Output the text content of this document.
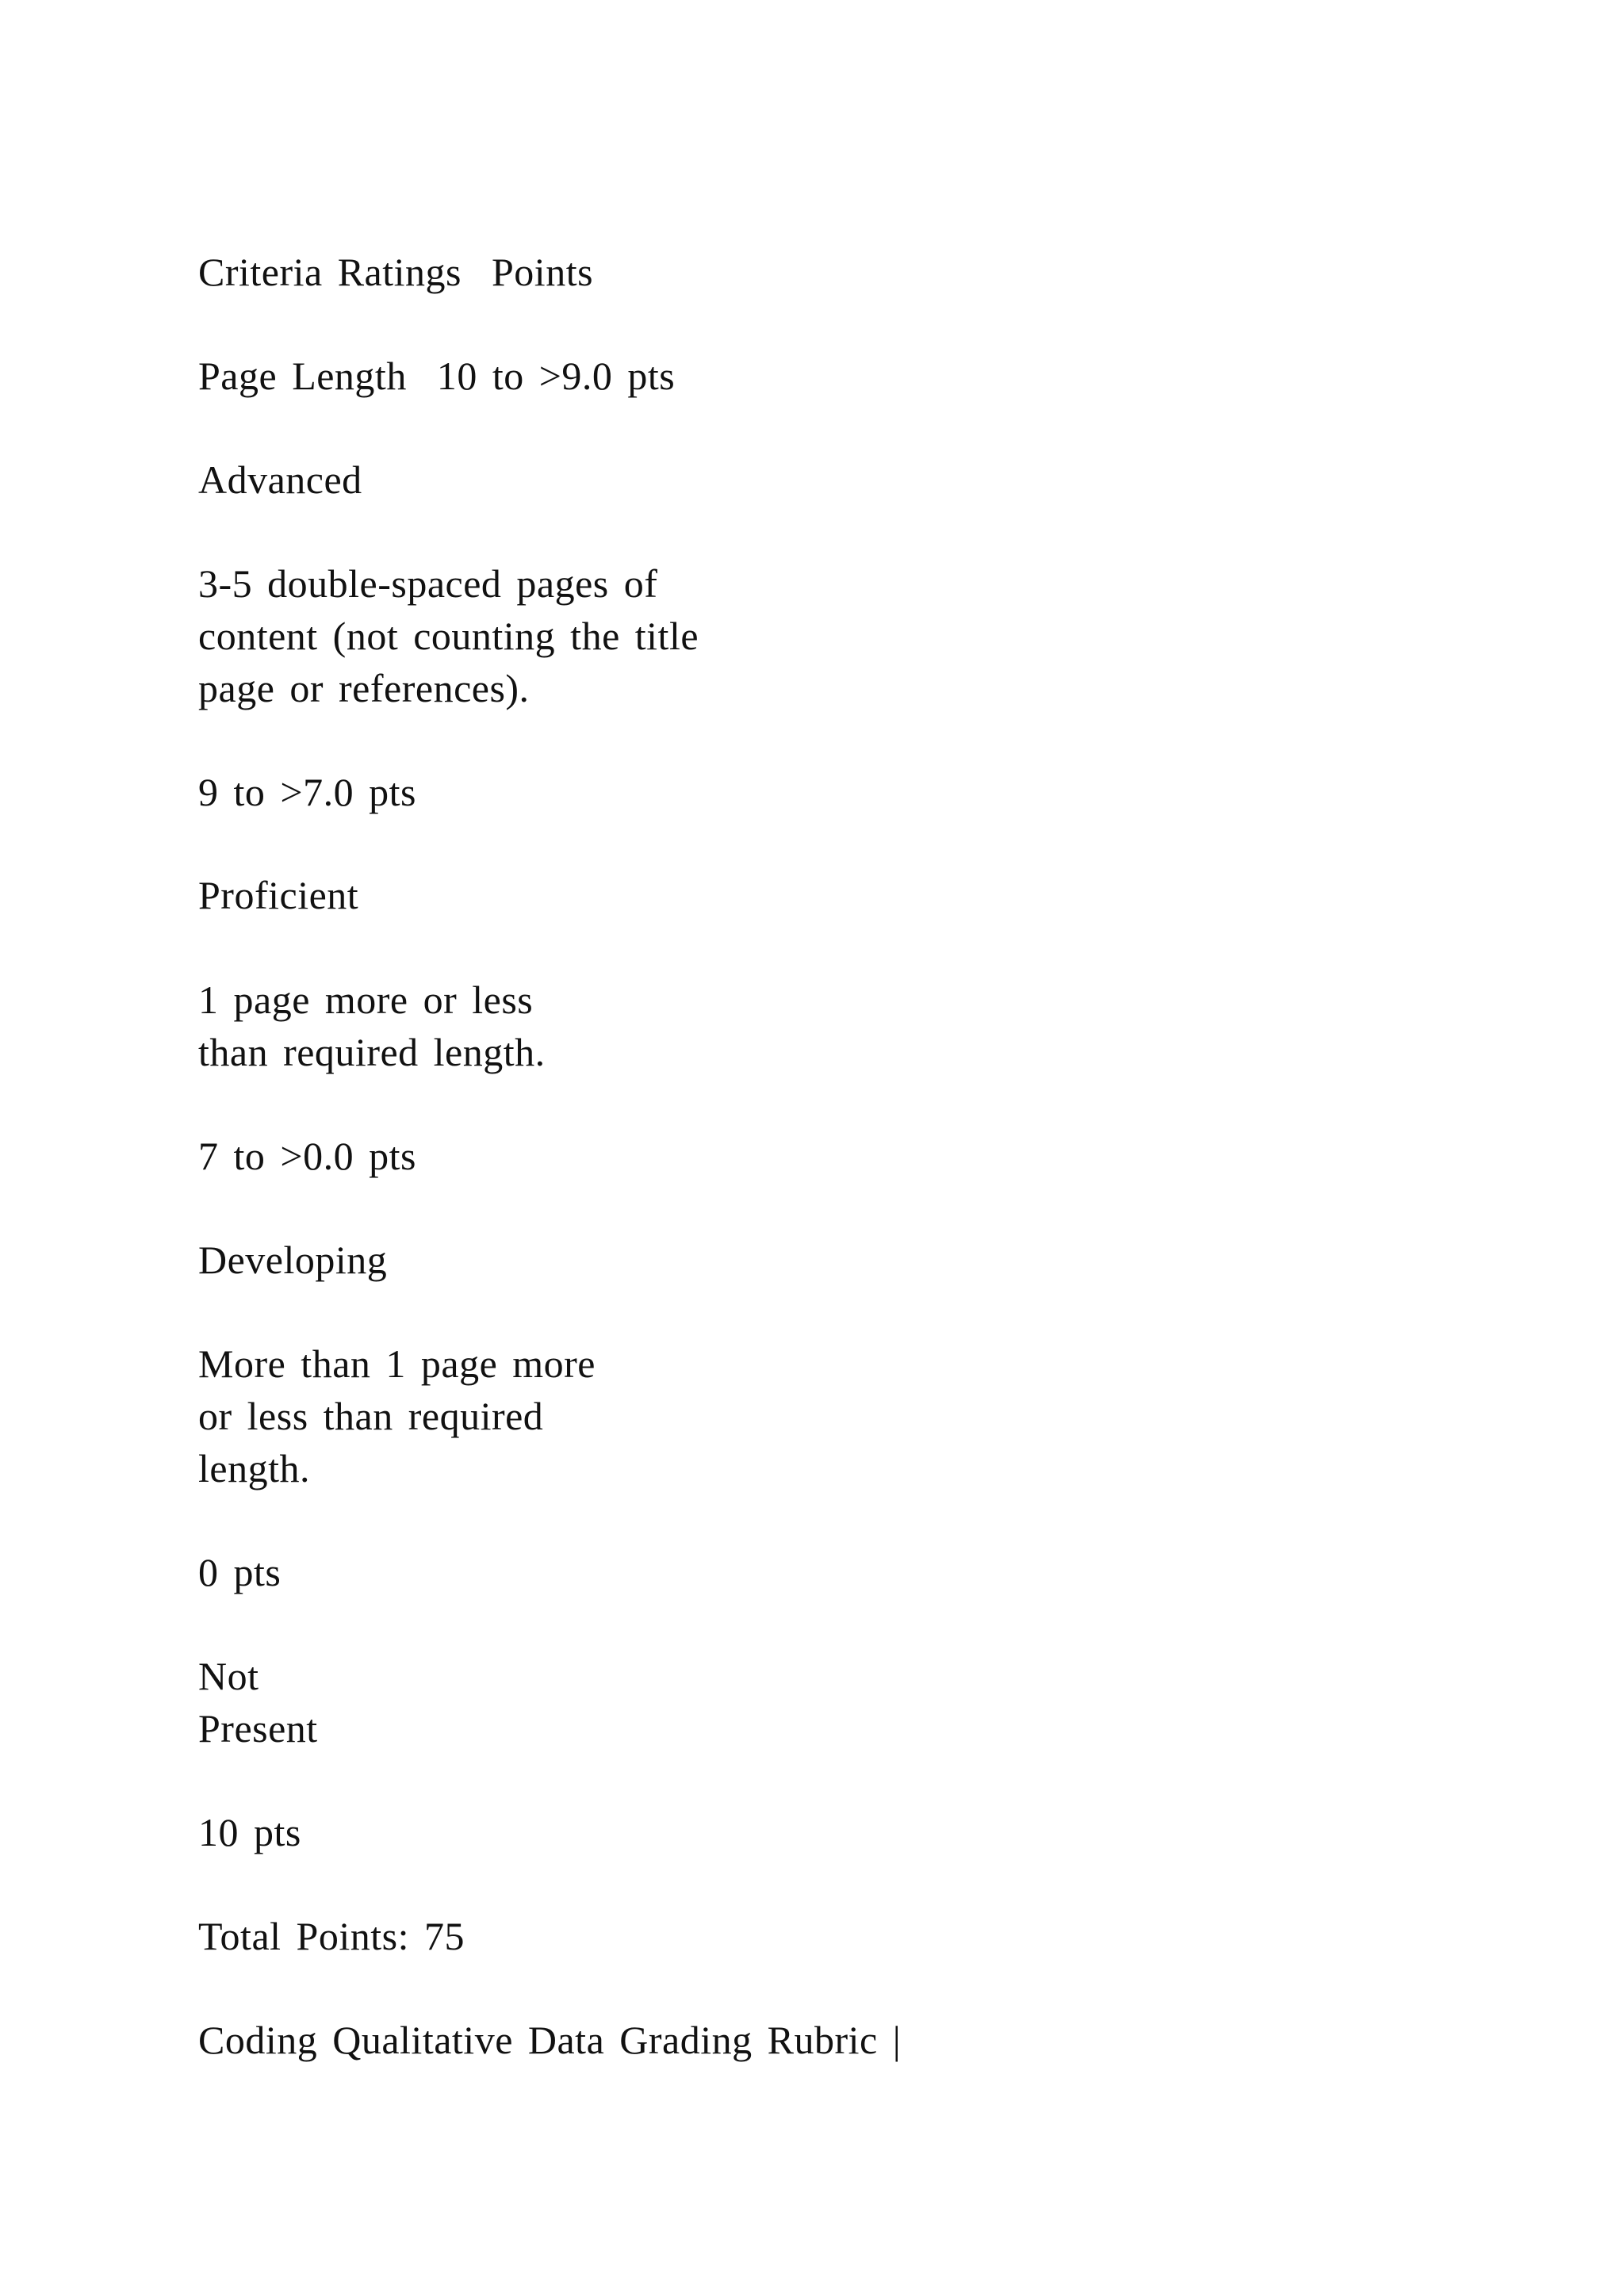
Criteria Ratings  Points

Page Length  10 to >9.0 pts

Advanced

3-5 double-spaced pages of
content (not counting the title
page or references).

9 to >7.0 pts

Proficient

1 page more or less
than required length.

7 to >0.0 pts

Developing

More than 1 page more
or less than required
length.

0 pts

Not
Present

10 pts

Total Points: 75

Coding Qualitative Data Grading Rubric |
